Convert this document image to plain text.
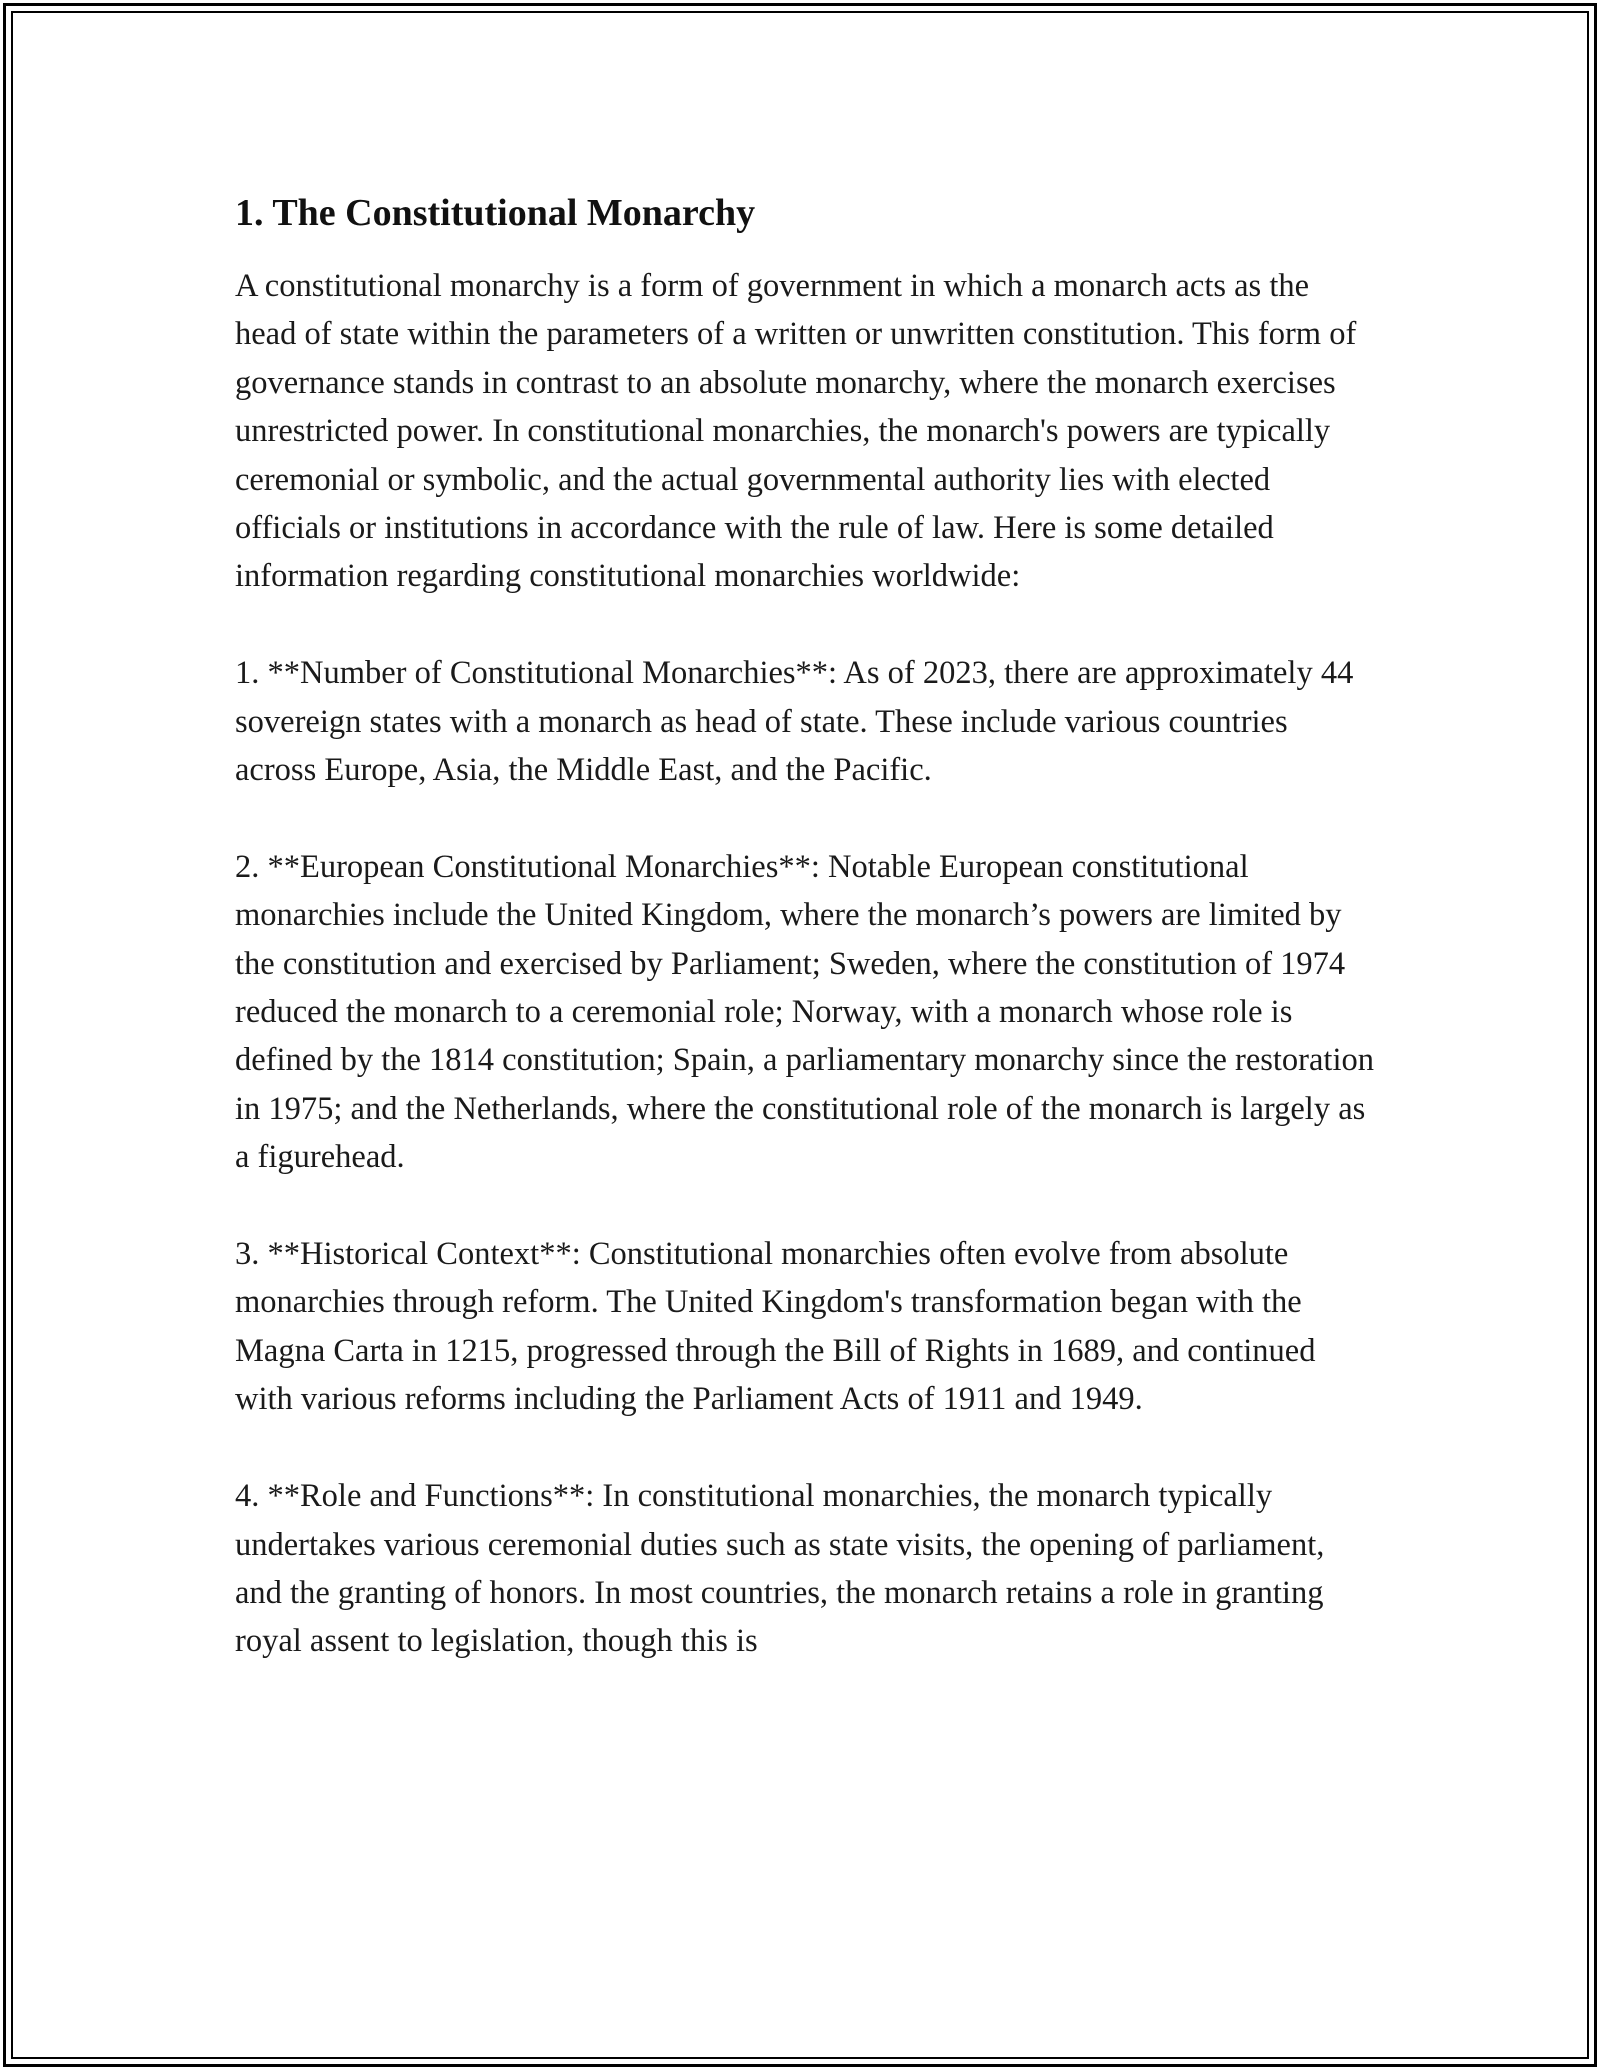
1. The Constitutional Monarchy

A constitutional monarchy is a form of government in which a monarch acts as the head of state within the parameters of a written or unwritten constitution. This form of governance stands in contrast to an absolute monarchy, where the monarch exercises unrestricted power. In constitutional monarchies, the monarch's powers are typically ceremonial or symbolic, and the actual governmental authority lies with elected officials or institutions in accordance with the rule of law. Here is some detailed information regarding constitutional monarchies worldwide:

1. **Number of Constitutional Monarchies**: As of 2023, there are approximately 44 sovereign states with a monarch as head of state. These include various countries across Europe, Asia, the Middle East, and the Pacific.

2. **European Constitutional Monarchies**: Notable European constitutional monarchies include the United Kingdom, where the monarch’s powers are limited by the constitution and exercised by Parliament; Sweden, where the constitution of 1974 reduced the monarch to a ceremonial role; Norway, with a monarch whose role is defined by the 1814 constitution; Spain, a parliamentary monarchy since the restoration in 1975; and the Netherlands, where the constitutional role of the monarch is largely as a figurehead.

3. **Historical Context**: Constitutional monarchies often evolve from absolute monarchies through reform. The United Kingdom's transformation began with the Magna Carta in 1215, progressed through the Bill of Rights in 1689, and continued with various reforms including the Parliament Acts of 1911 and 1949.

4. **Role and Functions**: In constitutional monarchies, the monarch typically undertakes various ceremonial duties such as state visits, the opening of parliament, and the granting of honors. In most countries, the monarch retains a role in granting royal assent to legislation, though this is
